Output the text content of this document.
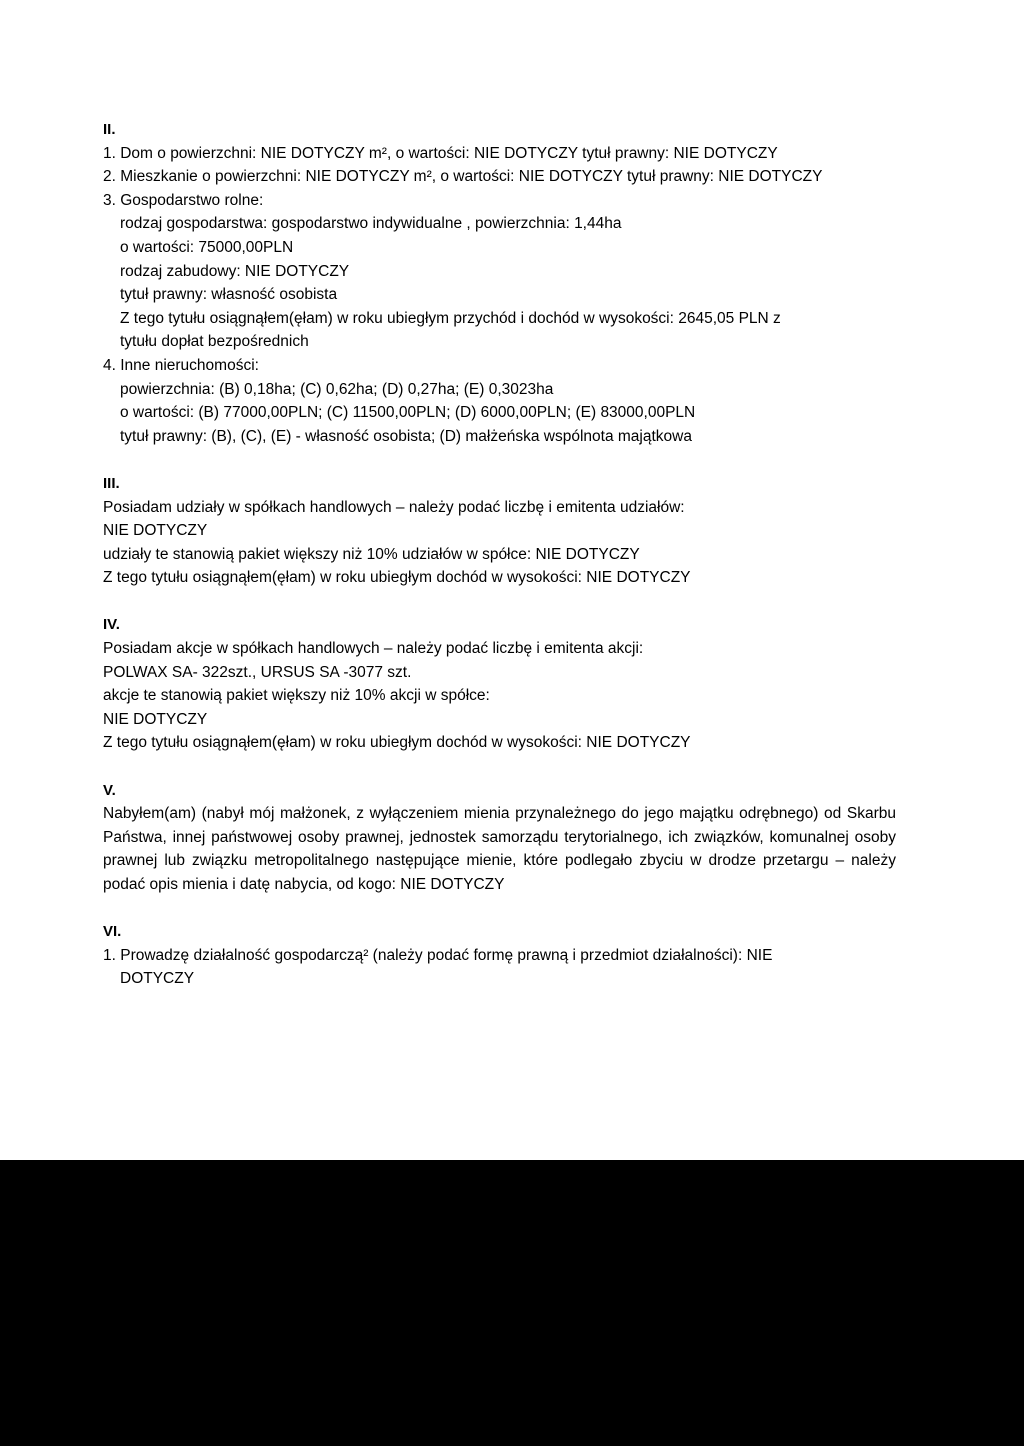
II.
1. Dom o powierzchni: NIE DOTYCZY m², o wartości: NIE DOTYCZY tytuł prawny: NIE DOTYCZY
2. Mieszkanie o powierzchni: NIE DOTYCZY m², o wartości: NIE DOTYCZY tytuł prawny: NIE DOTYCZY
3. Gospodarstwo rolne:
rodzaj gospodarstwa: gospodarstwo indywidualne , powierzchnia: 1,44ha
o wartości: 75000,00PLN
rodzaj zabudowy: NIE DOTYCZY
tytuł prawny: własność osobista
Z tego tytułu osiągnąłem(ęłam) w roku ubiegłym przychód i dochód w wysokości: 2645,05 PLN z
tytułu dopłat bezpośrednich
4. Inne nieruchomości:
powierzchnia: (B) 0,18ha; (C) 0,62ha; (D) 0,27ha; (E) 0,3023ha
o wartości: (B) 77000,00PLN; (C) 11500,00PLN; (D) 6000,00PLN; (E) 83000,00PLN
tytuł prawny: (B), (C), (E) - własność osobista; (D) małżeńska wspólnota majątkowa
III.
Posiadam udziały w spółkach handlowych – należy podać liczbę i emitenta udziałów:
NIE DOTYCZY
udziały te stanowią pakiet większy niż 10% udziałów w spółce: NIE DOTYCZY
Z tego tytułu osiągnąłem(ęłam) w roku ubiegłym dochód w wysokości: NIE DOTYCZY
IV.
Posiadam akcje w spółkach handlowych – należy podać liczbę i emitenta akcji:
POLWAX SA- 322szt., URSUS SA -3077 szt.
akcje te stanowią pakiet większy niż 10% akcji w spółce:
NIE DOTYCZY
Z tego tytułu osiągnąłem(ęłam) w roku ubiegłym dochód w wysokości: NIE DOTYCZY
V.
Nabyłem(am) (nabył mój małżonek, z wyłączeniem mienia przynależnego do jego majątku odrębnego) od Skarbu Państwa, innej państwowej osoby prawnej, jednostek samorządu terytorialnego, ich związków, komunalnej osoby prawnej lub związku metropolitalnego następujące mienie, które podlegało zbyciu w drodze przetargu – należy podać opis mienia i datę nabycia, od kogo: NIE DOTYCZY
VI.
1. Prowadzę działalność gospodarczą² (należy podać formę prawną i przedmiot działalności): NIE
DOTYCZY
